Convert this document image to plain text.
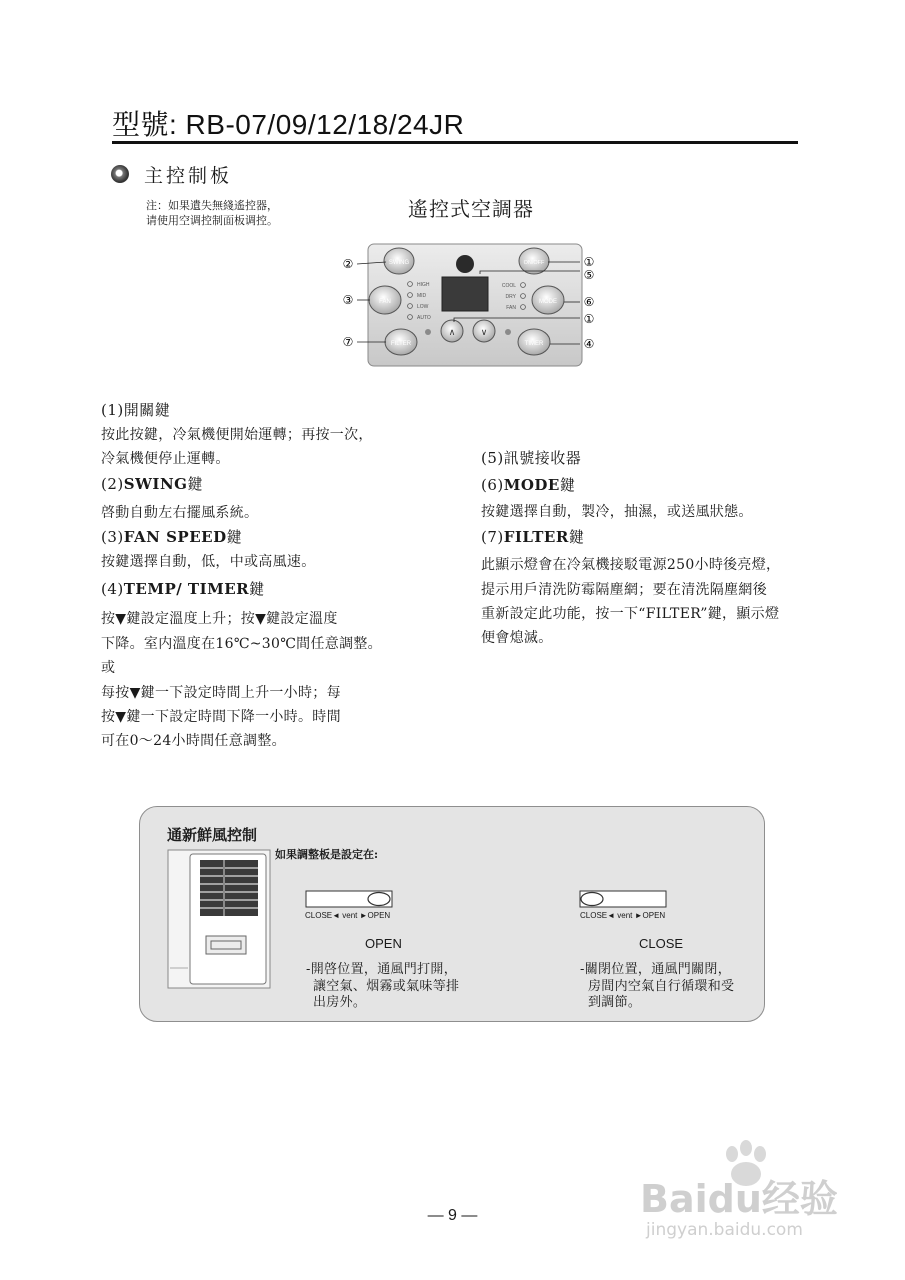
型號: RB-07/09/12/18/24JR
主控制板
注：如果遺失無綫遙控器，
请使用空调控制面板调控。	遙控式空調器
SWING	ON/OFF
FAN	MODE
∧	∨
FILTER	TIMER
HIGH
MID
LOW
AUTO
COOL
DRY
FAN
②
③
⑦
①
⑤
⑥
①
④
(1)開關鍵
按此按鍵，冷氣機便開始運轉；再按一次，
冷氣機便停止運轉。
(2)SWING鍵
啓動自動左右擺風系統。
(3)FAN SPEED鍵
按鍵選擇自動，低，中或高風速。
(4)TEMP/ TIMER鍵
按▼鍵設定溫度上升；按▼鍵設定溫度
下降。室内溫度在16℃~30℃間任意調整。
或
每按▼鍵一下設定時間上升一小時；每
按▼鍵一下設定時間下降一小時。時間
可在0～24小時間任意調整。
(5)訊號接收器
(6)MODE鍵
按鍵選擇自動，製冷，抽濕，或送風狀態。
(7)FILTER鍵
此顯示燈會在冷氣機接駁電源250小時後亮燈，
提示用戶清洗防霉隔塵網；要在清洗隔塵網後
重新設定此功能，按一下“FILTER”鍵，顯示燈
便會熄滅。
通新鮮風控制
如果調整板是設定在:
CLOSE◄ vent ►OPEN
OPEN
-開啓位置，通風門打開，
讓空氣、烟霧或氣味等排
出房外。
CLOSE◄ vent ►OPEN
CLOSE
-關閉位置，通風門關閉，
房間内空氣自行循環和受
到調節。
— 9 —	Baidu经验
jingyan.baidu.com
